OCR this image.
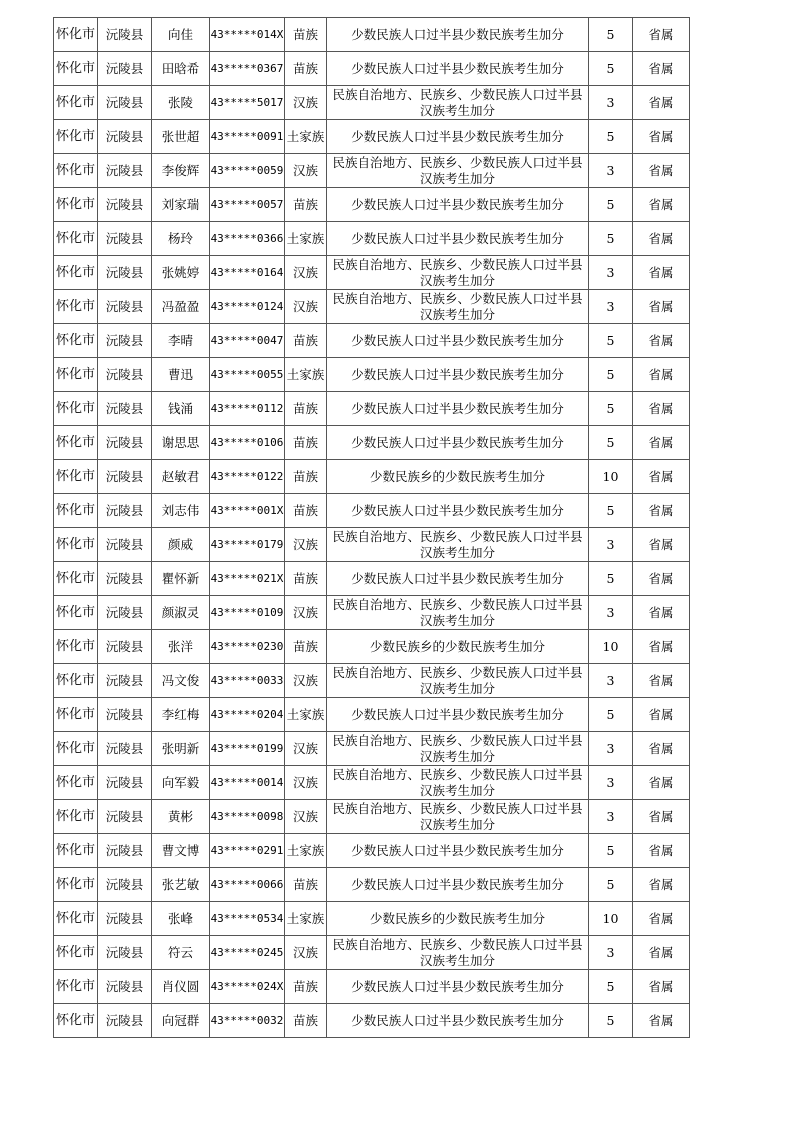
怀化市	沅陵县	向佳	43*****014X	苗族	少数民族人口过半县少数民族考生加分	5	省属
怀化市	沅陵县	田晗希	43*****0367	苗族	少数民族人口过半县少数民族考生加分	5	省属
怀化市	沅陵县	张陵	43*****5017	汉族	民族自治地方、民族乡、少数民族人口过半县汉族考生加分	3	省属
怀化市	沅陵县	张世超	43*****0091	土家族	少数民族人口过半县少数民族考生加分	5	省属
怀化市	沅陵县	李俊辉	43*****0059	汉族	民族自治地方、民族乡、少数民族人口过半县汉族考生加分	3	省属
怀化市	沅陵县	刘家瑞	43*****0057	苗族	少数民族人口过半县少数民族考生加分	5	省属
怀化市	沅陵县	杨玲	43*****0366	土家族	少数民族人口过半县少数民族考生加分	5	省属
怀化市	沅陵县	张姚婷	43*****0164	汉族	民族自治地方、民族乡、少数民族人口过半县汉族考生加分	3	省属
怀化市	沅陵县	冯盈盈	43*****0124	汉族	民族自治地方、民族乡、少数民族人口过半县汉族考生加分	3	省属
怀化市	沅陵县	李晴	43*****0047	苗族	少数民族人口过半县少数民族考生加分	5	省属
怀化市	沅陵县	曹迅	43*****0055	土家族	少数民族人口过半县少数民族考生加分	5	省属
怀化市	沅陵县	钱涌	43*****0112	苗族	少数民族人口过半县少数民族考生加分	5	省属
怀化市	沅陵县	谢思思	43*****0106	苗族	少数民族人口过半县少数民族考生加分	5	省属
怀化市	沅陵县	赵敏君	43*****0122	苗族	少数民族乡的少数民族考生加分	10	省属
怀化市	沅陵县	刘志伟	43*****001X	苗族	少数民族人口过半县少数民族考生加分	5	省属
怀化市	沅陵县	颜威	43*****0179	汉族	民族自治地方、民族乡、少数民族人口过半县汉族考生加分	3	省属
怀化市	沅陵县	瞿怀新	43*****021X	苗族	少数民族人口过半县少数民族考生加分	5	省属
怀化市	沅陵县	颜淑灵	43*****0109	汉族	民族自治地方、民族乡、少数民族人口过半县汉族考生加分	3	省属
怀化市	沅陵县	张洋	43*****0230	苗族	少数民族乡的少数民族考生加分	10	省属
怀化市	沅陵县	冯文俊	43*****0033	汉族	民族自治地方、民族乡、少数民族人口过半县汉族考生加分	3	省属
怀化市	沅陵县	李红梅	43*****0204	土家族	少数民族人口过半县少数民族考生加分	5	省属
怀化市	沅陵县	张明新	43*****0199	汉族	民族自治地方、民族乡、少数民族人口过半县汉族考生加分	3	省属
怀化市	沅陵县	向军毅	43*****0014	汉族	民族自治地方、民族乡、少数民族人口过半县汉族考生加分	3	省属
怀化市	沅陵县	黄彬	43*****0098	汉族	民族自治地方、民族乡、少数民族人口过半县汉族考生加分	3	省属
怀化市	沅陵县	曹文博	43*****0291	土家族	少数民族人口过半县少数民族考生加分	5	省属
怀化市	沅陵县	张艺敏	43*****0066	苗族	少数民族人口过半县少数民族考生加分	5	省属
怀化市	沅陵县	张峰	43*****0534	土家族	少数民族乡的少数民族考生加分	10	省属
怀化市	沅陵县	符云	43*****0245	汉族	民族自治地方、民族乡、少数民族人口过半县汉族考生加分	3	省属
怀化市	沅陵县	肖仪圆	43*****024X	苗族	少数民族人口过半县少数民族考生加分	5	省属
怀化市	沅陵县	向冠群	43*****0032	苗族	少数民族人口过半县少数民族考生加分	5	省属
